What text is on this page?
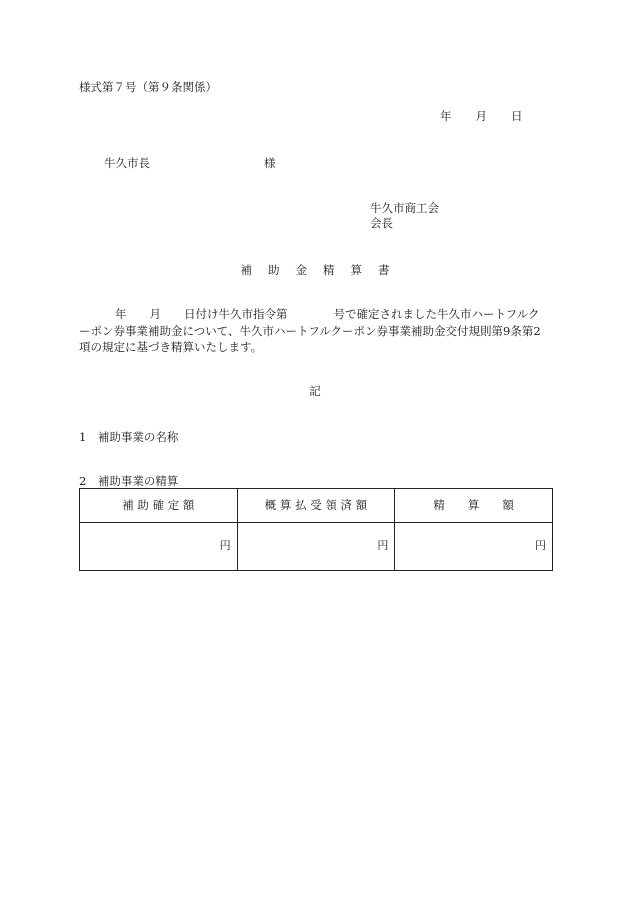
様式第７号（第９条関係）
年 月 日
牛久市長	様
牛久市商工会
会長
補 助 金 精 算 書
年　　月　　日付け牛久市指令第　　　　号で確定されました牛久市ハートフルク
ーポン券事業補助金について、牛久市ハートフルクーポン券事業補助金交付規則第9条第2
項の規定に基づき精算いたします。
記
1　補助事業の名称
2　補助事業の精算
補 助 確 定 額	概 算 払 受 領 済 額	精　　算　　額
円	円	円
